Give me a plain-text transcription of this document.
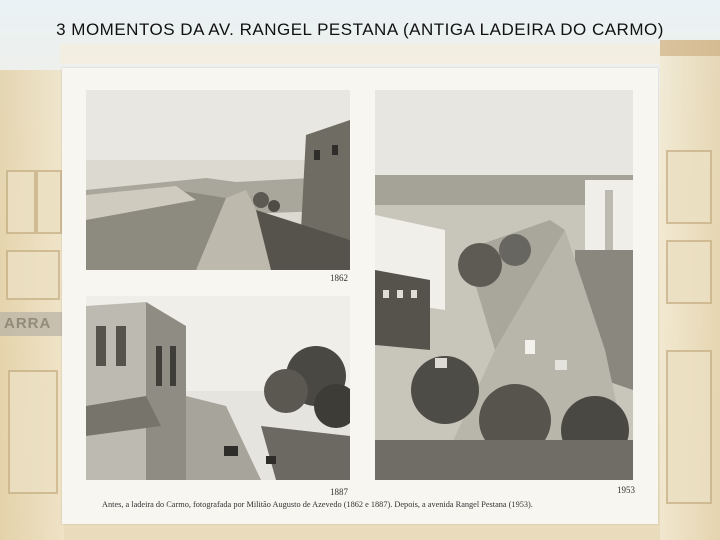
ARRA
3 MOMENTOS DA AV. RANGEL PESTANA (ANTIGA LADEIRA DO CARMO)
1862
1887	1953
Antes, a ladeira do Carmo, fotografada por Militão Augusto de Azevedo (1862 e 1887). Depois, a avenida Rangel Pestana (1953).
